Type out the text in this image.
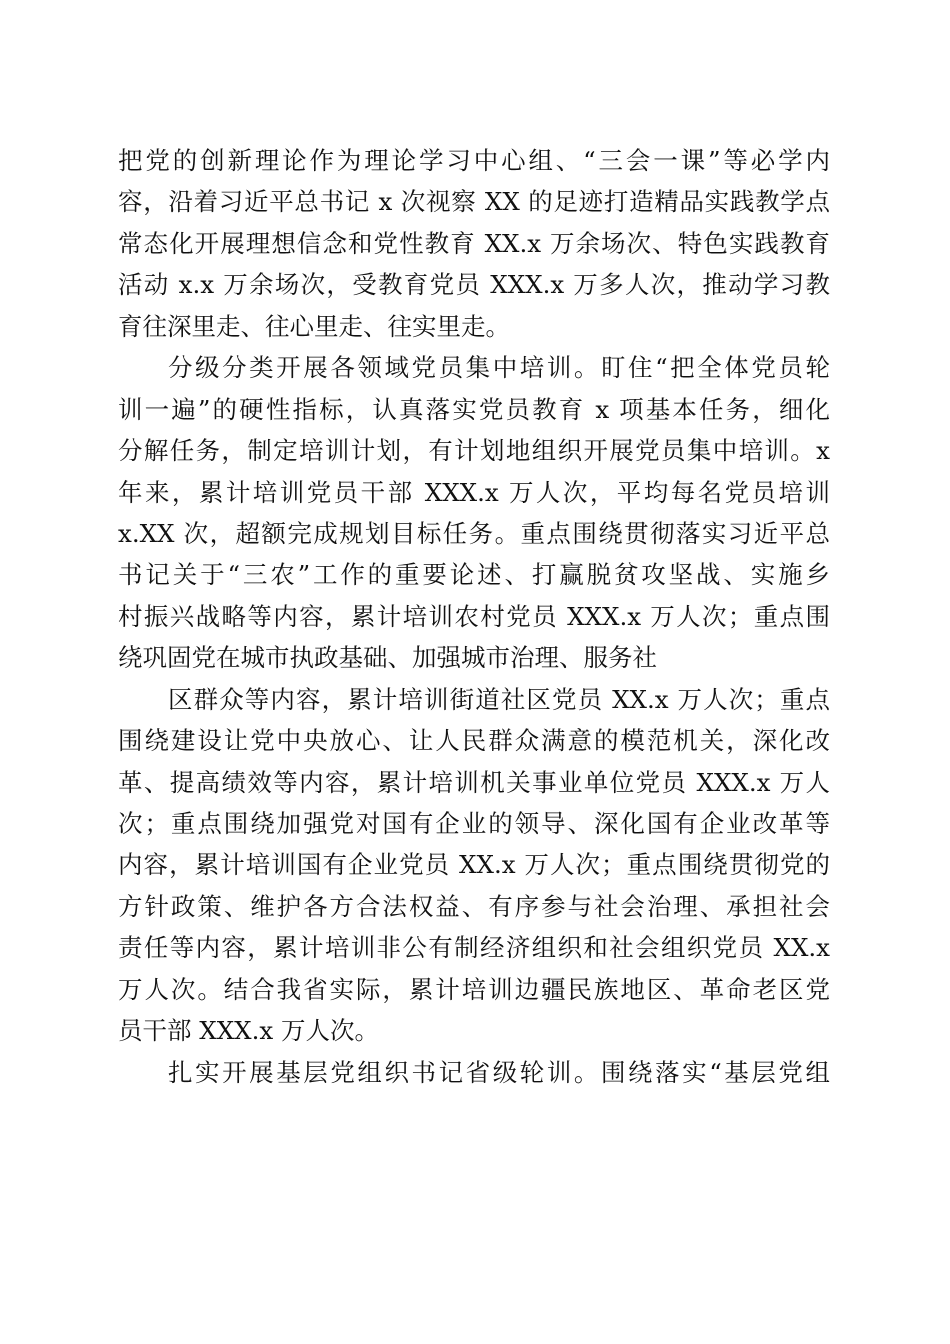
把党的创新理论作为理论学习中心组、“三会一课”等必学内
容，沿着习近平总书记 x 次视察 XX 的足迹打造精品实践教学点
常态化开展理想信念和党性教育 XX.x 万余场次、特色实践教育
活动 x.x 万余场次，受教育党员 XXX.x 万多人次，推动学习教
育往深里走、往心里走、往实里走。
分级分类开展各领域党员集中培训。盯住“把全体党员轮
训一遍”的硬性指标，认真落实党员教育 x 项基本任务，细化
分解任务，制定培训计划，有计划地组织开展党员集中培训。x
年来，累计培训党员干部 XXX.x 万人次，平均每名党员培训
x.XX 次，超额完成规划目标任务。重点围绕贯彻落实习近平总
书记关于“三农”工作的重要论述、打赢脱贫攻坚战、实施乡
村振兴战略等内容，累计培训农村党员 XXX.x 万人次；重点围
绕巩固党在城市执政基础、加强城市治理、服务社
区群众等内容，累计培训街道社区党员 XX.x 万人次；重点
围绕建设让党中央放心、让人民群众满意的模范机关，深化改
革、提高绩效等内容，累计培训机关事业单位党员 XXX.x 万人
次；重点围绕加强党对国有企业的领导、深化国有企业改革等
内容，累计培训国有企业党员 XX.x 万人次；重点围绕贯彻党的
方针政策、维护各方合法权益、有序参与社会治理、承担社会
责任等内容，累计培训非公有制经济组织和社会组织党员 XX.x
万人次。结合我省实际，累计培训边疆民族地区、革命老区党
员干部 XXX.x 万人次。
扎实开展基层党组织书记省级轮训。围绕落实“基层党组
